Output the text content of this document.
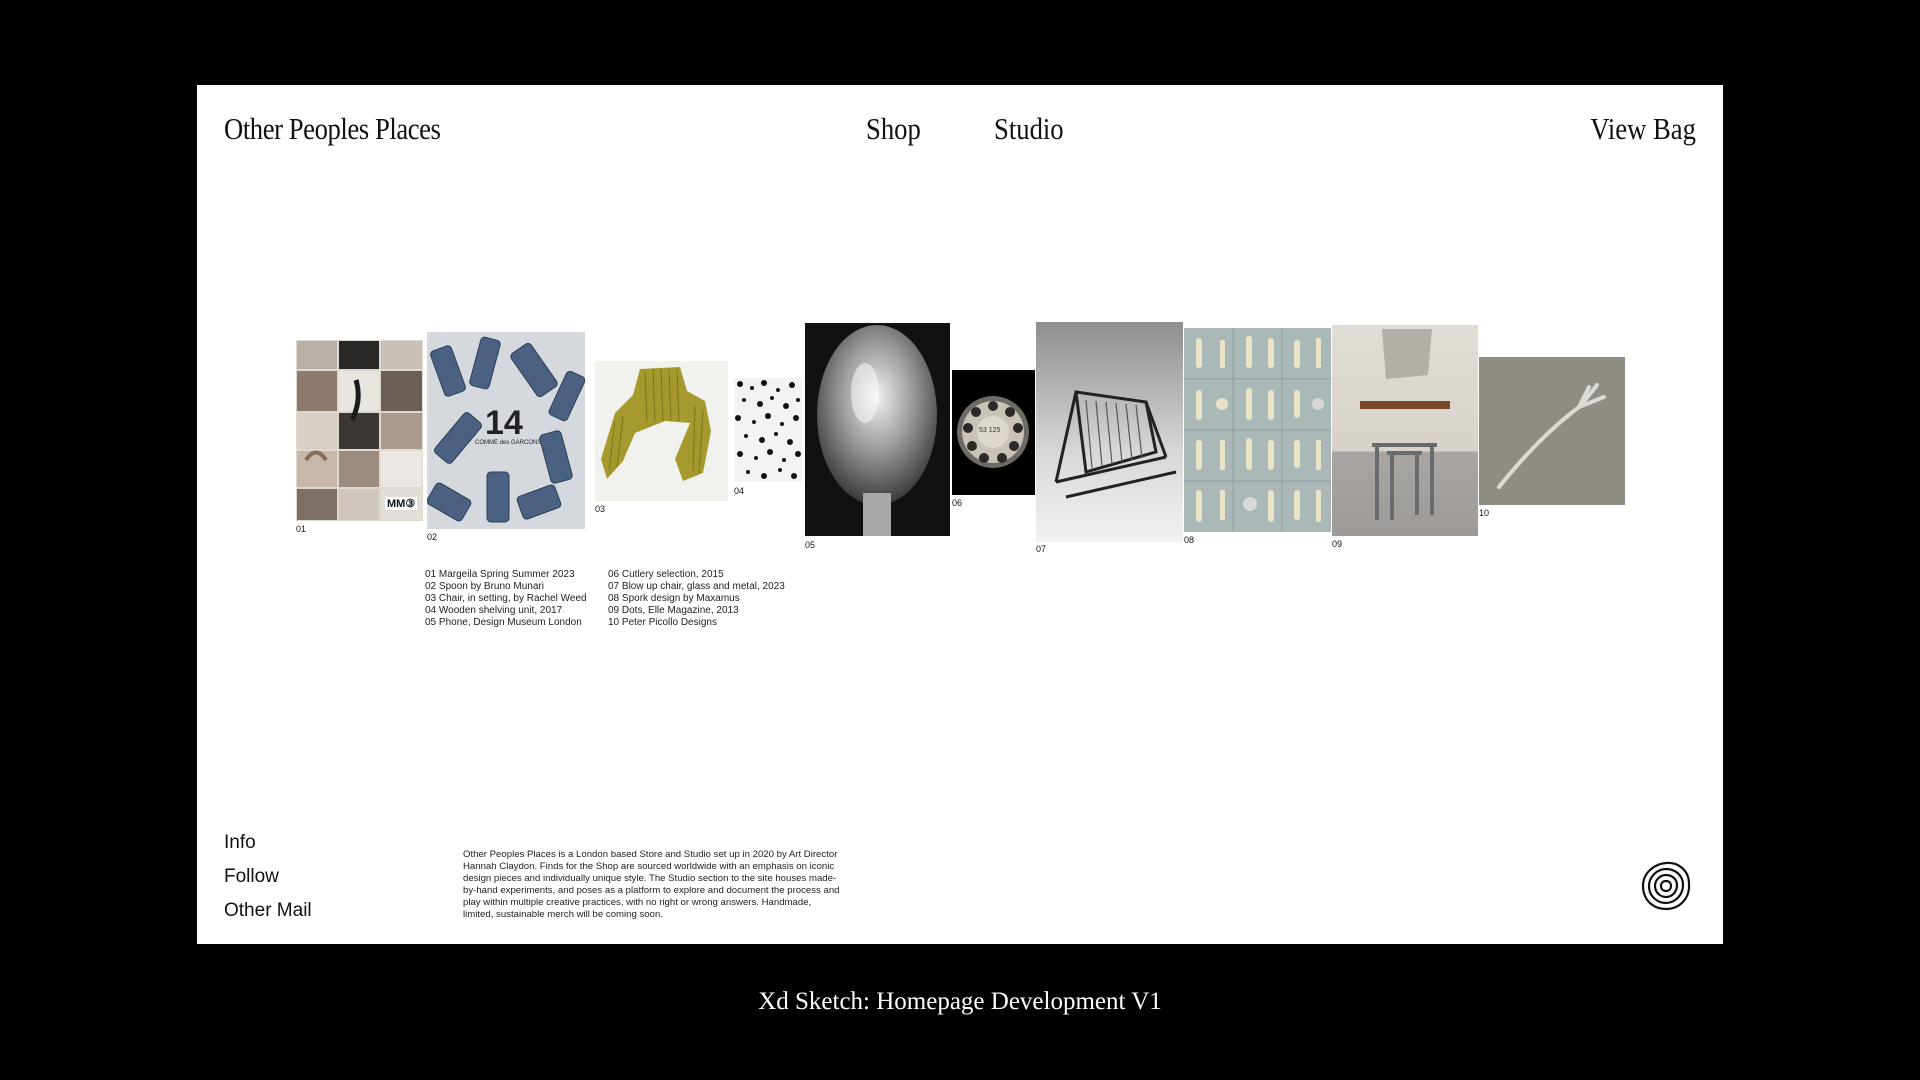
Other Peoples Places	Shop Studio	View Bag
MM③
01
14
COMME des GARCONS
02
03
04
05
53 125
06
07
08	09
10
01 Margeila Spring Summer 2023
02 Spoon by Bruno Munari
03 Chair, in setting, by Rachel Weed
04 Wooden shelving unit, 2017
05 Phone, Design Museum London
06 Cutlery selection, 2015
07 Blow up chair, glass and metal, 2023
08 Spork design by Maxamus
09 Dots, Elle Magazine, 2013
10 Peter Picollo Designs
Info
Follow
Other Mail
Other Peoples Places is a London based Store and Studio set up in 2020 by Art Director Hannah Claydon. Finds for the Shop are sourced worldwide with an emphasis on iconic design pieces and individually unique style. The Studio section to the site houses made-by-hand experiments, and poses as a platform to explore and document the process and play within multiple creative practices, with no right or wrong answers. Handmade, limited, sustainable merch will be coming soon.
Xd Sketch: Homepage Development V1
